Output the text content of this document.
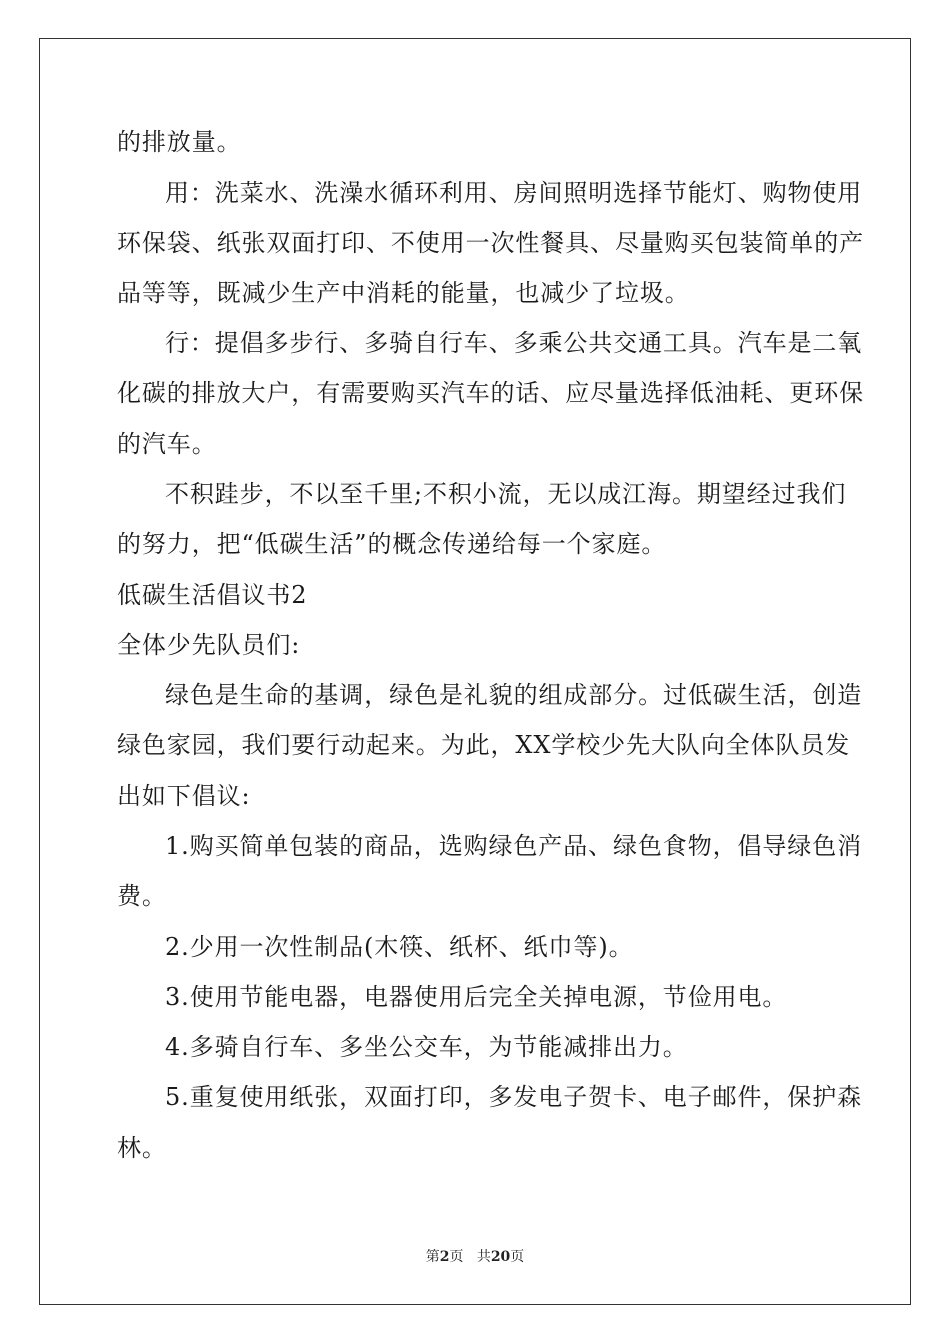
的排放量。
用：洗菜水、洗澡水循环利用、房间照明选择节能灯、购物使用
环保袋、纸张双面打印、不使用一次性餐具、尽量购买包装简单的产
品等等，既减少生产中消耗的能量，也减少了垃圾。
行：提倡多步行、多骑自行车、多乘公共交通工具。汽车是二氧
化碳的排放大户，有需要购买汽车的话、应尽量选择低油耗、更环保
的汽车。
不积跬步，不以至千里;不积小流，无以成江海。期望经过我们
的努力，把“低碳生活”的概念传递给每一个家庭。
低碳生活倡议书2
全体少先队员们:
绿色是生命的基调，绿色是礼貌的组成部分。过低碳生活，创造
绿色家园，我们要行动起来。为此，XX学校少先大队向全体队员发
出如下倡议:
1.购买简单包装的商品，选购绿色产品、绿色食物，倡导绿色消
费。
2.少用一次性制品(木筷、纸杯、纸巾等)。
3.使用节能电器，电器使用后完全关掉电源，节俭用电。
4.多骑自行车、多坐公交车，为节能减排出力。
5.重复使用纸张，双面打印，多发电子贺卡、电子邮件，保护森
林。
第2页 共20页
